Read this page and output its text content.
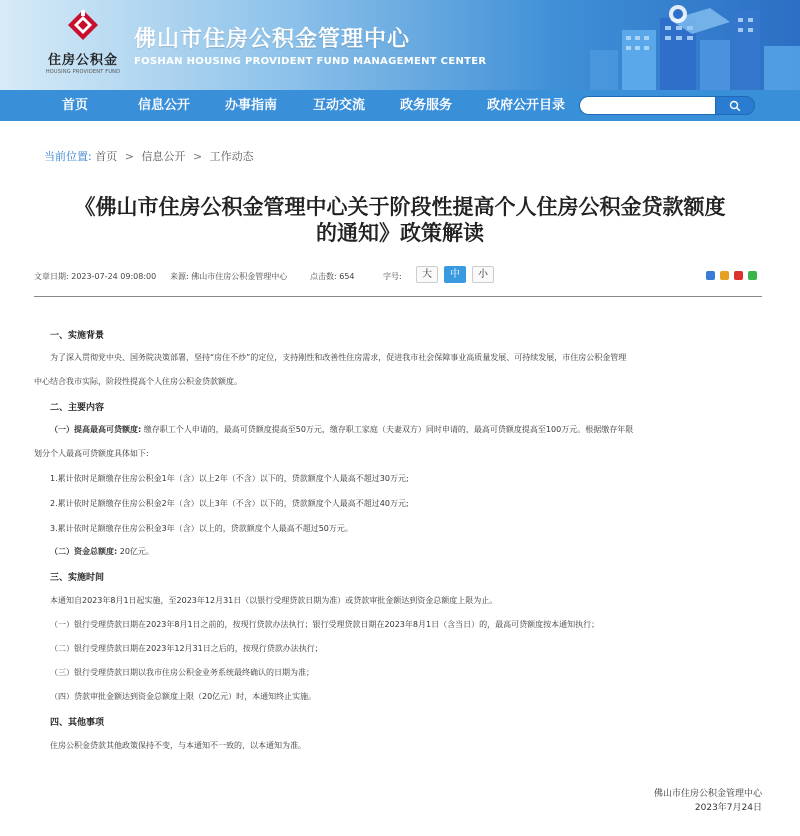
住房公积金
HOUSING PROVIDENT FUND
佛山市住房公积金管理中心
FOSHAN HOUSING PROVIDENT FUND MANAGEMENT CENTER
首页	信息公开	办事指南	互动交流	政务服务	政府公开目录
当前位置: 首页 > 信息公开 > 工作动态
《佛山市住房公积金管理中心关于阶段性提高个人住房公积金贷款额度
的通知》政策解读
文章日期: 2023-07-24 09:08:00 来源: 佛山市住房公积金管理中心	点击数: 654	字号:	大	中	小
一、实施背景
为了深入贯彻党中央、国务院决策部署，坚持“房住不炒”的定位，支持刚性和改善性住房需求，促进我市社会保障事业高质量发展、可持续发展，市住房公积金管理
中心结合我市实际，阶段性提高个人住房公积金贷款额度。
二、主要内容
（一）提高最高可贷额度: 缴存职工个人申请的，最高可贷额度提高至50万元，缴存职工家庭（夫妻双方）同时申请的，最高可贷额度提高至100万元。根据缴存年限
划分个人最高可贷额度具体如下:
1.累计依时足额缴存住房公积金1年（含）以上2年（不含）以下的，贷款额度个人最高不超过30万元;
2.累计依时足额缴存住房公积金2年（含）以上3年（不含）以下的，贷款额度个人最高不超过40万元;
3.累计依时足额缴存住房公积金3年（含）以上的，贷款额度个人最高不超过50万元。
（二）资金总额度: 20亿元。
三、实施时间
本通知自2023年8月1日起实施，至2023年12月31日（以银行受理贷款日期为准）或贷款审批金额达到资金总额度上限为止。
（一）银行受理贷款日期在2023年8月1日之前的，按现行贷款办法执行；银行受理贷款日期在2023年8月1日（含当日）的，最高可贷额度按本通知执行；
（二）银行受理贷款日期在2023年12月31日之后的，按现行贷款办法执行；
（三）银行受理贷款日期以我市住房公积金业务系统最终确认的日期为准；
（四）贷款审批金额达到资金总额度上限（20亿元）时，本通知终止实施。
四、其他事项
住房公积金贷款其他政策保持不变，与本通知不一致的，以本通知为准。
佛山市住房公积金管理中心
2023年7月24日
